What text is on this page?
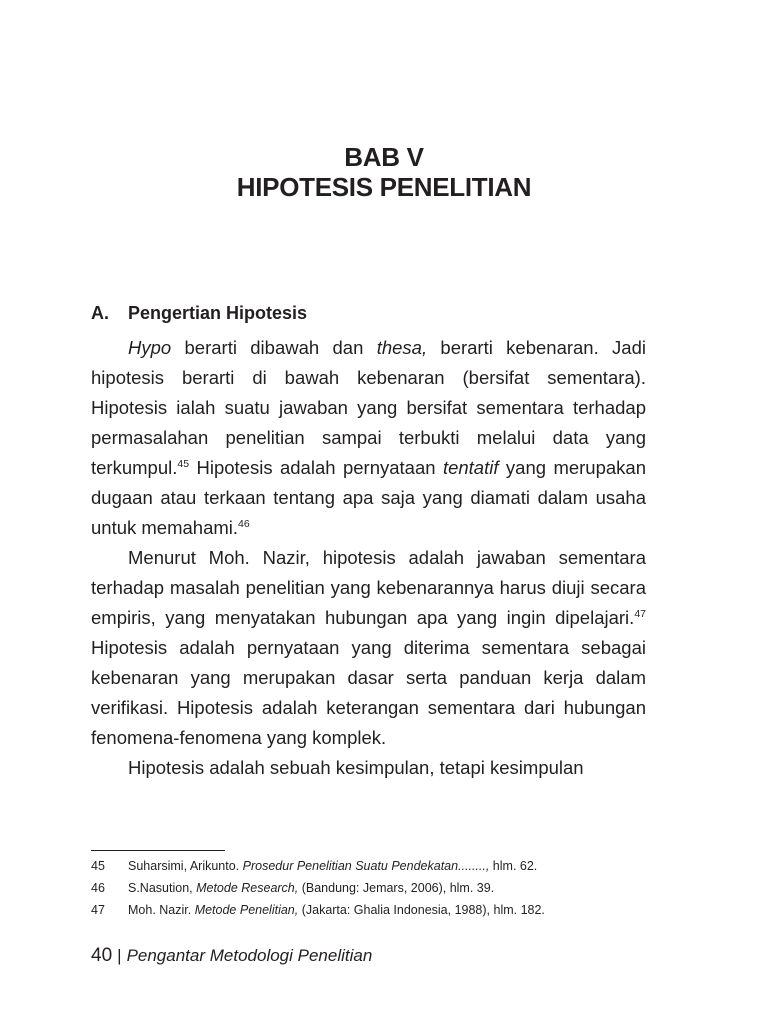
BAB V
HIPOTESIS PENELITIAN
A. Pengertian Hipotesis

Hypo berarti dibawah dan thesa, berarti kebenaran. Jadi hipotesis berarti di bawah kebenaran (bersifat sementara). Hipotesis ialah suatu jawaban yang bersifat sementara terhadap permasalahan penelitian sampai terbukti melalui data yang terkumpul.$^{45}$ Hipotesis adalah pernyataan tentatif yang merupakan dugaan atau terkaan tentang apa saja yang diamati dalam usaha untuk memahami.$^{46}$

Menurut Moh. Nazir, hipotesis adalah jawaban sementara terhadap masalah penelitian yang kebenarannya harus diuji secara empiris, yang menyatakan hubungan apa yang ingin dipelajari.$^{47}$ Hipotesis adalah pernyataan yang diterima sementara sebagai kebenaran yang merupakan dasar serta panduan kerja dalam verifikasi. Hipotesis adalah keterangan sementara dari hubungan fenomena-fenomena yang komplek.

Hipotesis adalah sebuah kesimpulan, tetapi kesimpulan

45	Suharsimi, Arikunto. Prosedur Penelitian Suatu Pendekatan........, hlm. 62.
46	S.Nasution, Metode Research, (Bandung: Jemars, 2006), hlm. 39.
47	Moh. Nazir. Metode Penelitian, (Jakarta: Ghalia Indonesia, 1988), hlm. 182.
40 | Pengantar Metodologi Penelitian
